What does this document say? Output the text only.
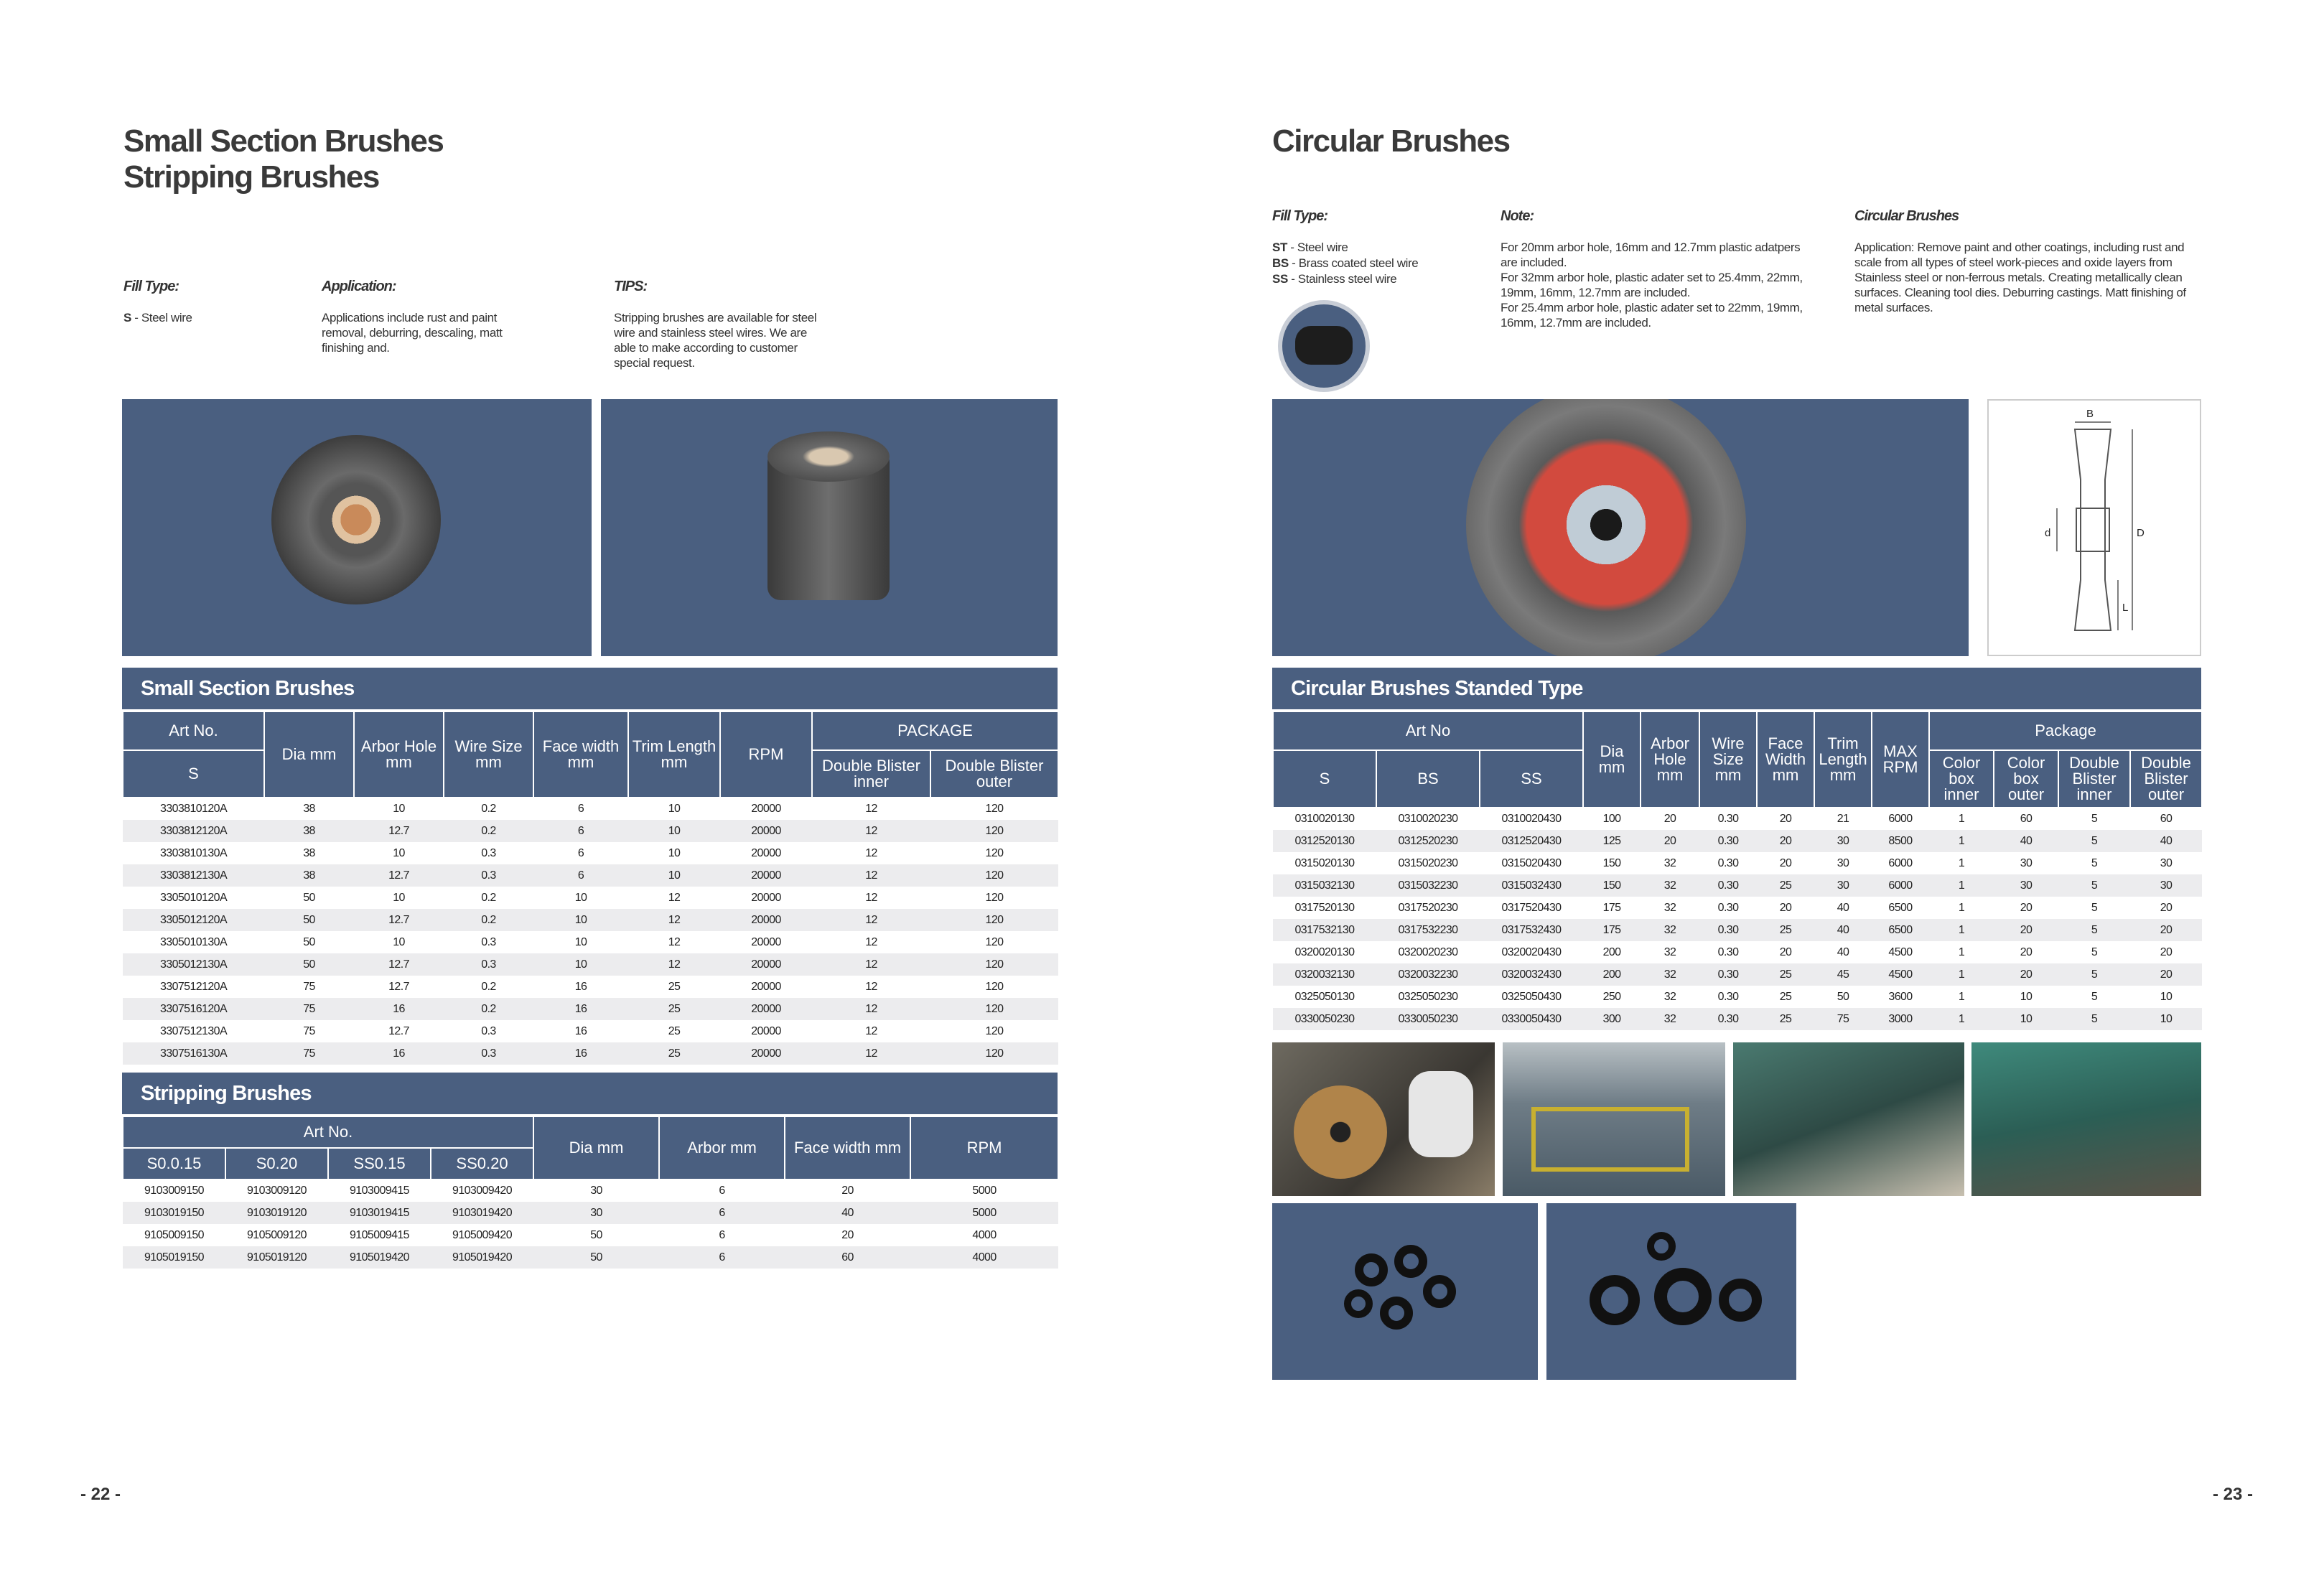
Small Section Brushes
Stripping Brushes
Fill Type:
S - Steel wire
Application:
Applications include rust and paint removal, deburring, descaling, matt finishing and.
TIPS:
Stripping brushes are available for steel wire and stainless steel wires. We are able to make according to customer special request.
Small Section Brushes
Art No.	Dia mm	Arbor Hole mm	Wire Size mm	Face width mm	Trim Length mm	RPM	PACKAGE	
S							Double Blister inner	Double Blister outer
3303810120A	38	10	0.2	6	10	20000	12	120
3303812120A	38	12.7	0.2	6	10	20000	12	120
3303810130A	38	10	0.3	6	10	20000	12	120
3303812130A	38	12.7	0.3	6	10	20000	12	120
3305010120A	50	10	0.2	10	12	20000	12	120
3305012120A	50	12.7	0.2	10	12	20000	12	120
3305010130A	50	10	0.3	10	12	20000	12	120
3305012130A	50	12.7	0.3	10	12	20000	12	120
3307512120A	75	12.7	0.2	16	25	20000	12	120
3307516120A	75	16	0.2	16	25	20000	12	120
3307512130A	75	12.7	0.3	16	25	20000	12	120
3307516130A	75	16	0.3	16	25	20000	12	120
Stripping Brushes
Art No.				Dia mm	Arbor mm	Face width mm	RPM
S0.0.15	S0.20	SS0.15	SS0.20				
9103009150	9103009120	9103009415	9103009420	30	6	20	5000
9103019150	9103019120	9103019415	9103019420	30	6	40	5000
9105009150	9105009120	9105009415	9105009420	50	6	20	4000
9105019150	9105019120	9105019420	9105019420	50	6	60	4000
- 22 -
Circular Brushes
Fill Type:
ST - Steel wire
BS - Brass coated steel wire
SS - Stainless steel wire
Note:
For 20mm arbor hole, 16mm and 12.7mm plastic adatpers are included.
For 32mm arbor hole, plastic adater set to 25.4mm, 22mm, 19mm, 16mm, 12.7mm are included.
For 25.4mm arbor hole, plastic adater set to 22mm, 19mm, 16mm, 12.7mm are included.
Circular Brushes
Application: Remove paint and other coatings, including rust and scale from all types of steel work-pieces and oxide layers from
Stainless steel or non-ferrous metals. Creating metallically clean surfaces. Cleaning tool dies. Deburring castings. Matt finishing of metal surfaces.
B
d	D
L
Circular Brushes Standed Type
Art No			Dia mm	Arbor Hole mm	Wire Size mm	Face Width mm	Trim Length mm	MAX RPM	Package			
S	BS	SS							Color box inner	Color box outer	Double Blister inner	Double Blister outer
0310020130	0310020230	0310020430	100	20	0.30	20	21	6000	1	60	5	60
0312520130	0312520230	0312520430	125	20	0.30	20	30	8500	1	40	5	40
0315020130	0315020230	0315020430	150	32	0.30	20	30	6000	1	30	5	30
0315032130	0315032230	0315032430	150	32	0.30	25	30	6000	1	30	5	30
0317520130	0317520230	0317520430	175	32	0.30	20	40	6500	1	20	5	20
0317532130	0317532230	0317532430	175	32	0.30	25	40	6500	1	20	5	20
0320020130	0320020230	0320020430	200	32	0.30	20	40	4500	1	20	5	20
0320032130	0320032230	0320032430	200	32	0.30	25	45	4500	1	20	5	20
0325050130	0325050230	0325050430	250	32	0.30	25	50	3600	1	10	5	10
0330050230	0330050230	0330050430	300	32	0.30	25	75	3000	1	10	5	10
- 23 -
